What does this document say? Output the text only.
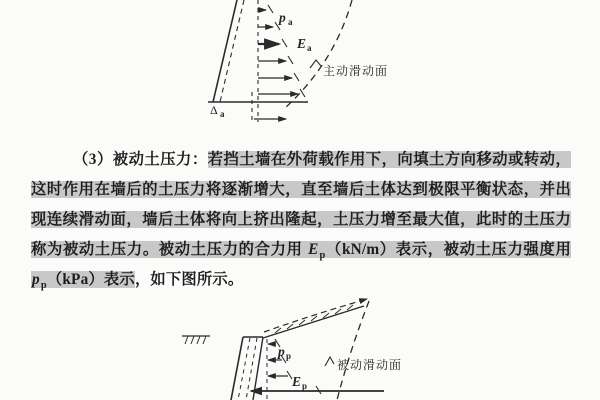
p a
E a
主动滑动面
Δ a

（3）被动土压力：若挡土墙在外荷载作用下，向填土方向移动或转动，这时作用在墙后的土压力将逐渐增大，直至墙后土体达到极限平衡状态，并出现连续滑动面，墙后土体将向上挤出隆起，土压力增至最大值，此时的土压力称为被动土压力。被动土压力的合力用 $E_p(kN/m)$表示，被动土压力强度用 $p_p(kPa)$表示，如下图所示。

p p
E p
被动滑动面
